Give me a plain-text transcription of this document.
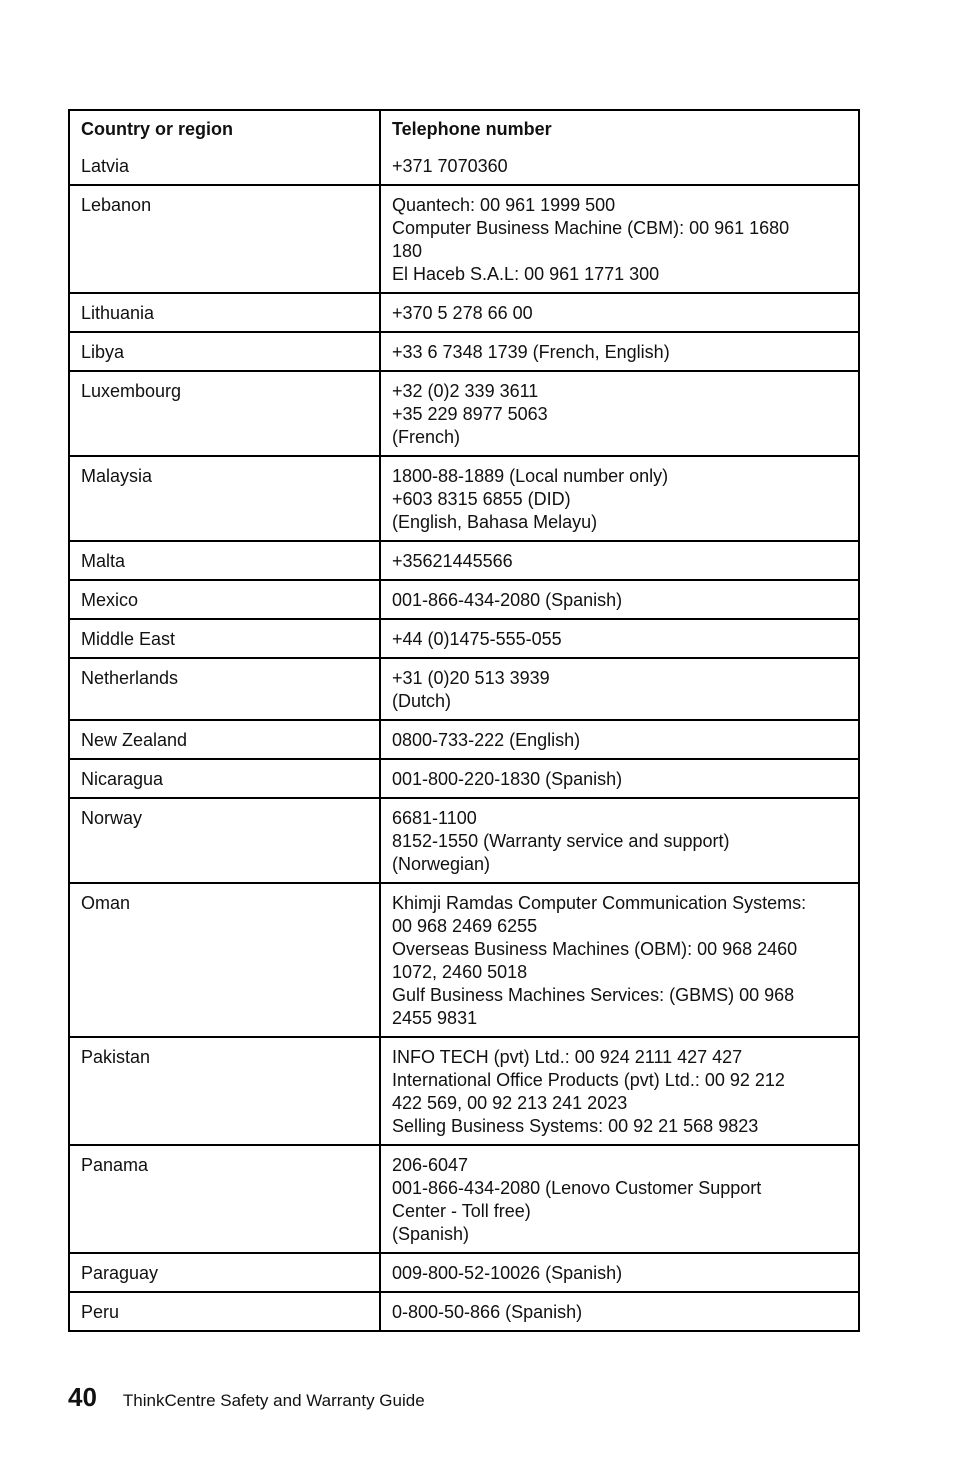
Country or region	Telephone number
Latvia	+371 7070360
Lebanon	Quantech: 00 961 1999 500
Computer Business Machine (CBM): 00 961 1680
180
El Haceb S.A.L: 00 961 1771 300
Lithuania	+370 5 278 66 00
Libya	+33 6 7348 1739 (French, English)
Luxembourg	+32 (0)2 339 3611
+35 229 8977 5063
(French)
Malaysia	1800-88-1889 (Local number only)
+603 8315 6855 (DID)
(English, Bahasa Melayu)
Malta	+35621445566
Mexico	001-866-434-2080 (Spanish)
Middle East	+44 (0)1475-555-055
Netherlands	+31 (0)20 513 3939
(Dutch)
New Zealand	0800-733-222 (English)
Nicaragua	001-800-220-1830 (Spanish)
Norway	6681-1100
8152-1550 (Warranty service and support)
(Norwegian)
Oman	Khimji Ramdas Computer Communication Systems:
00 968 2469 6255
Overseas Business Machines (OBM): 00 968 2460
1072, 2460 5018
Gulf Business Machines Services: (GBMS) 00 968
2455 9831
Pakistan	INFO TECH (pvt) Ltd.: 00 924 2111 427 427
International Office Products (pvt) Ltd.: 00 92 212
422 569, 00 92 213 241 2023
Selling Business Systems: 00 92 21 568 9823
Panama	206-6047
001-866-434-2080 (Lenovo Customer Support
Center - Toll free)
(Spanish)
Paraguay	009-800-52-10026 (Spanish)
Peru	0-800-50-866 (Spanish)
40 ThinkCentre Safety and Warranty Guide
